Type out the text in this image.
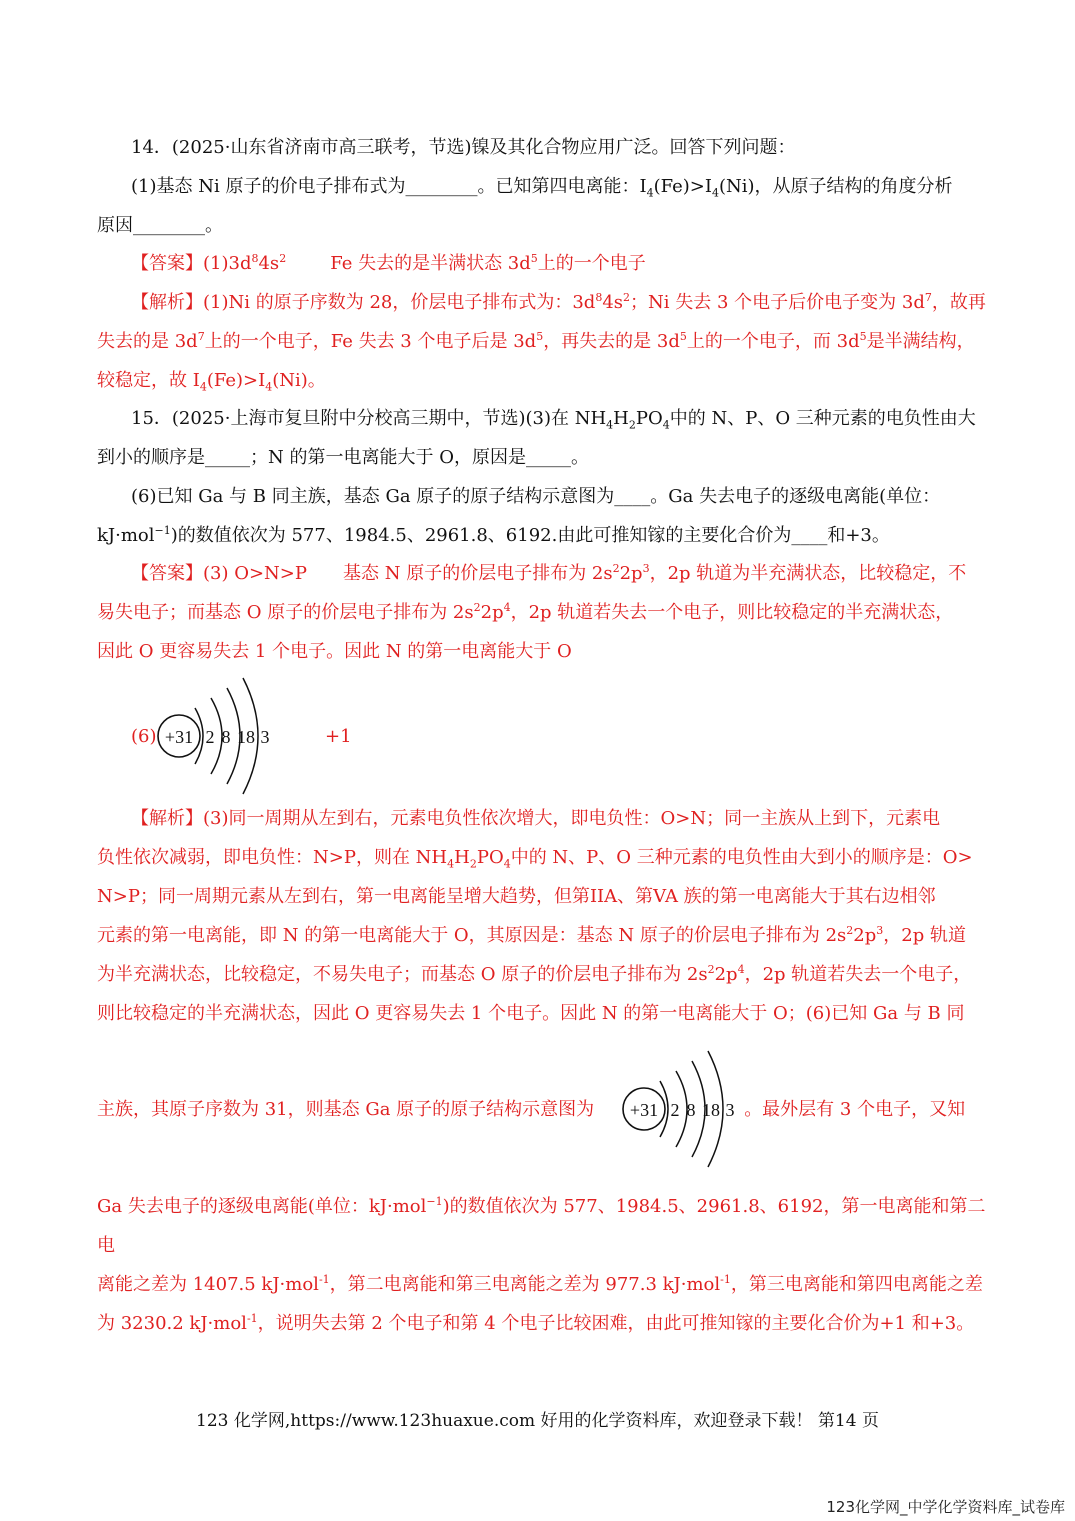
14．(2025·山东省济南市高三联考，节选)镍及其化合物应用广泛。回答下列问题：

(1)基态 Ni 原子的价电子排布式为________。已知第四电离能：$I_4(Fe)>I_4(Ni)$，从原子结构的角度分析
原因________。

【答案】$(1)3d^84s^2$ Fe 失去的是半满状态 $3d^5$上的一个电子

【解析】(1)Ni 的原子序数为 28，价层电子排布式为：$3d^84s^2$；Ni 失去 3 个电子后价电子变为 $3d^7$，故再
失去的是 $3d^7$上的一个电子，Fe 失去 3 个电子后是 $3d^5$，再失去的是 $3d^5$上的一个电子，而 $3d^5$是半满结构，
较稳定，故 $I_4(Fe)>I_4(Ni)$。

15．(2025·上海市复旦附中分校高三期中，节选)(3)在 $NH_4H_2PO_4$中的 N、P、O 三种元素的电负性由大
到小的顺序是_____；N 的第一电离能大于 O，原因是_____。

(6)已知 Ga 与 B 同主族，基态 Ga 原子的原子结构示意图为____。Ga 失去电子的逐级电离能(单位：
kJ·mol$^{-1}$)的数值依次为 577、1984.5、2961.8、6192.由此可推知镓的主要化合价为____和+3。

【答案】(3) O>N>P　　基态 N 原子的价层电子排布为 $2s^22p^3$，2p 轨道为半充满状态，比较稳定，不
易失电子；而基态 O 原子的价层电子排布为 $2s^22p^4$，2p 轨道若失去一个电子，则比较稳定的半充满状态，
因此 O 更容易失去 1 个电子。因此 N 的第一电离能大于 O

(6) +31 2 8 18 3	+1

【解析】(3)同一周期从左到右，元素电负性依次增大，即电负性：O>N；同一主族从上到下，元素电
负性依次减弱，即电负性：N>P，则在 $NH_4H_2PO_4$中的 N、P、O 三种元素的电负性由大到小的顺序是：O>
N>P；同一周期元素从左到右，第一电离能呈增大趋势，但第IIA、第VA 族的第一电离能大于其右边相邻
元素的第一电离能，即 N 的第一电离能大于 O，其原因是：基态 N 原子的价层电子排布为 $2s^22p^3$，2p 轨道
为半充满状态，比较稳定，不易失电子；而基态 O 原子的价层电子排布为 $2s^22p^4$，2p 轨道若失去一个电子，
则比较稳定的半充满状态，因此 O 更容易失去 1 个电子。因此 N 的第一电离能大于 O；(6)已知 Ga 与 B 同

主族，其原子序数为 31，则基态 Ga 原子的原子结构示意图为	。最外层有 3 个电子，又知

+31 2 8 18 3

Ga 失去电子的逐级电离能(单位：kJ·mol$^{-1}$)的数值依次为 577、1984.5、2961.8、6192，第一电离能和第二电
离能之差为 1407.5 kJ·mol$^{-1}$，第二电离能和第三电离能之差为 977.3 kJ·mol$^{-1}$，第三电离能和第四电离能之差
为 3230.2 kJ·mol$^{-1}$，说明失去第 2 个电子和第 4 个电子比较困难，由此可推知镓的主要化合价为+1 和+3。

123 化学网,https://www.123huaxue.com 好用的化学资料库，欢迎登录下载！ 第14 页
123化学网_中学化学资料库_试卷库
